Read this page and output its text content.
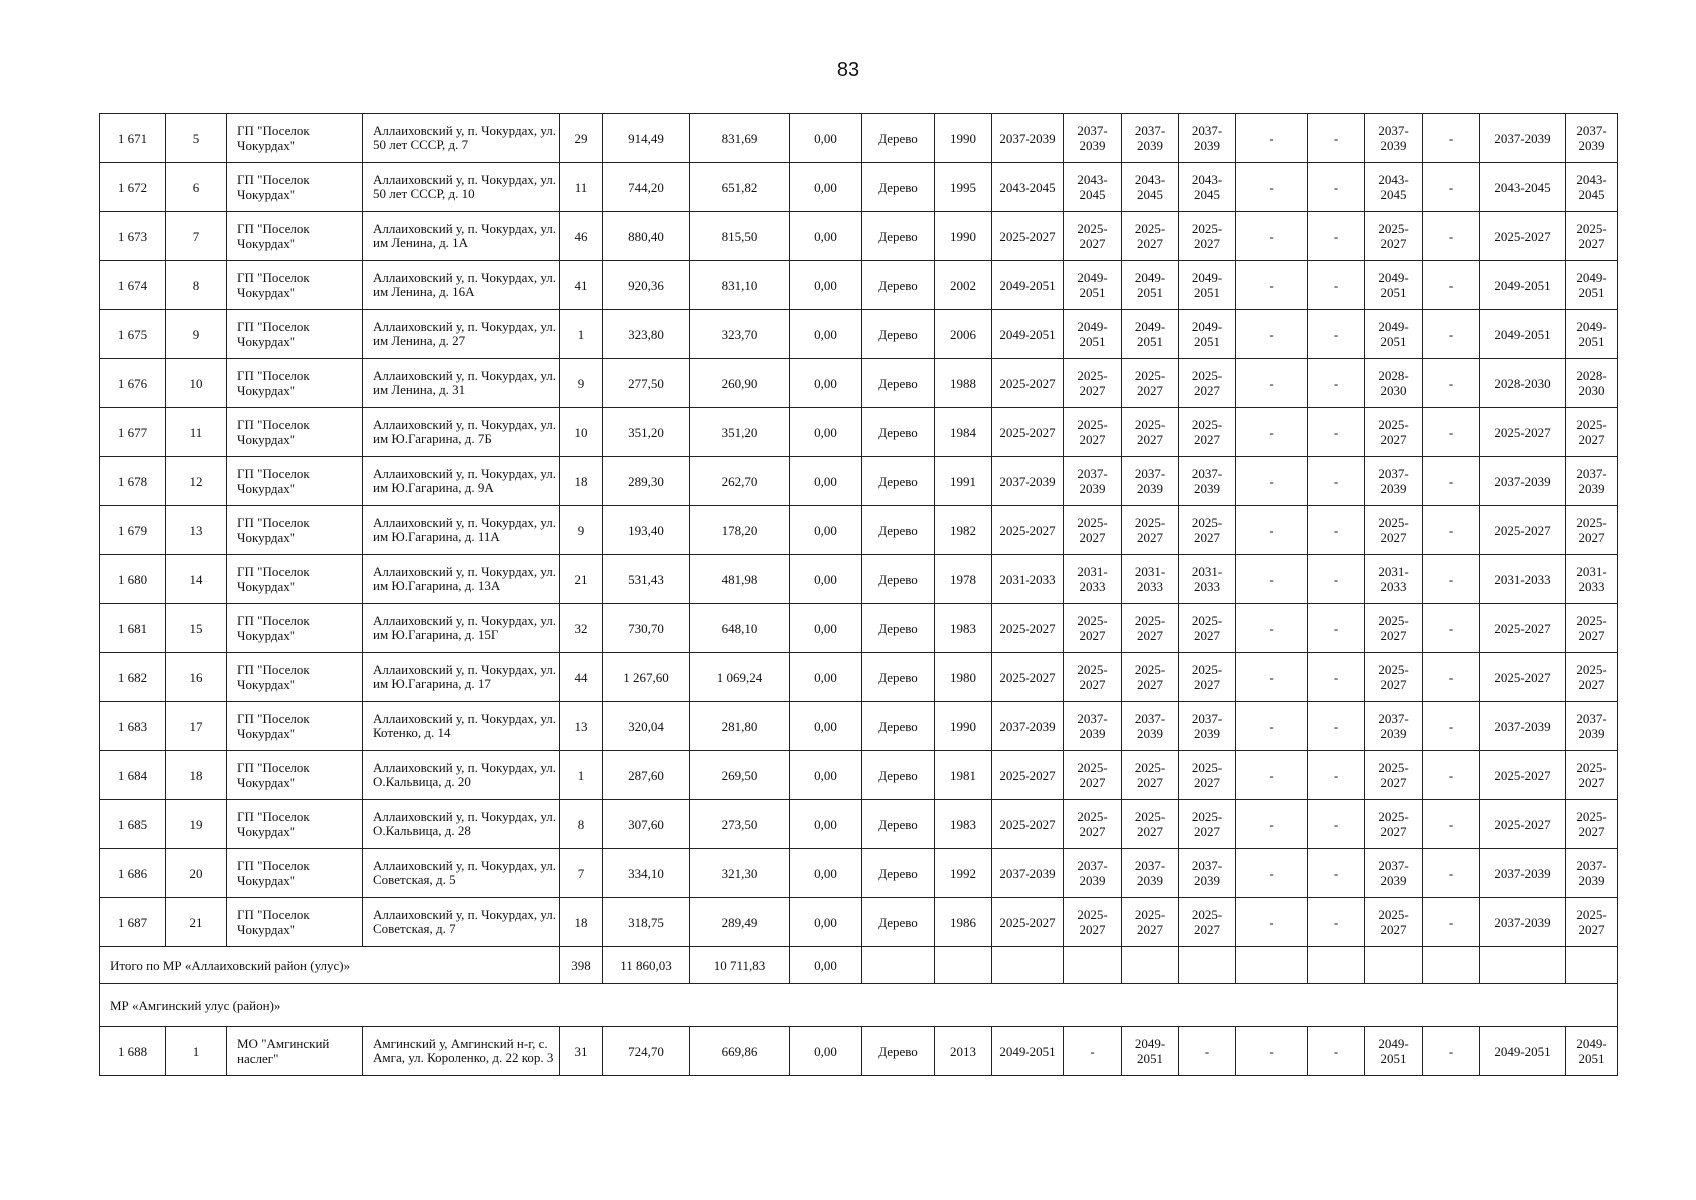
83
1 671	5	ГП "Поселок Чокурдах"	Аллаиховский у, п. Чокурдах, ул. 50 лет СССР, д. 7	29	914,49	831,69	0,00	Дерево	1990	2037-2039	2037-2039	2037-2039	2037-2039	-	-	2037-2039	-	2037-2039	2037-2039
1 672	6	ГП "Поселок Чокурдах"	Аллаиховский у, п. Чокурдах, ул. 50 лет СССР, д. 10	11	744,20	651,82	0,00	Дерево	1995	2043-2045	2043-2045	2043-2045	2043-2045	-	-	2043-2045	-	2043-2045	2043-2045
1 673	7	ГП "Поселок Чокурдах"	Аллаиховский у, п. Чокурдах, ул. им Ленина, д. 1А	46	880,40	815,50	0,00	Дерево	1990	2025-2027	2025-2027	2025-2027	2025-2027	-	-	2025-2027	-	2025-2027	2025-2027
1 674	8	ГП "Поселок Чокурдах"	Аллаиховский у, п. Чокурдах, ул. им Ленина, д. 16А	41	920,36	831,10	0,00	Дерево	2002	2049-2051	2049-2051	2049-2051	2049-2051	-	-	2049-2051	-	2049-2051	2049-2051
1 675	9	ГП "Поселок Чокурдах"	Аллаиховский у, п. Чокурдах, ул. им Ленина, д. 27	1	323,80	323,70	0,00	Дерево	2006	2049-2051	2049-2051	2049-2051	2049-2051	-	-	2049-2051	-	2049-2051	2049-2051
1 676	10	ГП "Поселок Чокурдах"	Аллаиховский у, п. Чокурдах, ул. им Ленина, д. 31	9	277,50	260,90	0,00	Дерево	1988	2025-2027	2025-2027	2025-2027	2025-2027	-	-	2028-2030	-	2028-2030	2028-2030
1 677	11	ГП "Поселок Чокурдах"	Аллаиховский у, п. Чокурдах, ул. им Ю.Гагарина, д. 7Б	10	351,20	351,20	0,00	Дерево	1984	2025-2027	2025-2027	2025-2027	2025-2027	-	-	2025-2027	-	2025-2027	2025-2027
1 678	12	ГП "Поселок Чокурдах"	Аллаиховский у, п. Чокурдах, ул. им Ю.Гагарина, д. 9А	18	289,30	262,70	0,00	Дерево	1991	2037-2039	2037-2039	2037-2039	2037-2039	-	-	2037-2039	-	2037-2039	2037-2039
1 679	13	ГП "Поселок Чокурдах"	Аллаиховский у, п. Чокурдах, ул. им Ю.Гагарина, д. 11А	9	193,40	178,20	0,00	Дерево	1982	2025-2027	2025-2027	2025-2027	2025-2027	-	-	2025-2027	-	2025-2027	2025-2027
1 680	14	ГП "Поселок Чокурдах"	Аллаиховский у, п. Чокурдах, ул. им Ю.Гагарина, д. 13А	21	531,43	481,98	0,00	Дерево	1978	2031-2033	2031-2033	2031-2033	2031-2033	-	-	2031-2033	-	2031-2033	2031-2033
1 681	15	ГП "Поселок Чокурдах"	Аллаиховский у, п. Чокурдах, ул. им Ю.Гагарина, д. 15Г	32	730,70	648,10	0,00	Дерево	1983	2025-2027	2025-2027	2025-2027	2025-2027	-	-	2025-2027	-	2025-2027	2025-2027
1 682	16	ГП "Поселок Чокурдах"	Аллаиховский у, п. Чокурдах, ул. им Ю.Гагарина, д. 17	44	1 267,60	1 069,24	0,00	Дерево	1980	2025-2027	2025-2027	2025-2027	2025-2027	-	-	2025-2027	-	2025-2027	2025-2027
1 683	17	ГП "Поселок Чокурдах"	Аллаиховский у, п. Чокурдах, ул. Котенко, д. 14	13	320,04	281,80	0,00	Дерево	1990	2037-2039	2037-2039	2037-2039	2037-2039	-	-	2037-2039	-	2037-2039	2037-2039
1 684	18	ГП "Поселок Чокурдах"	Аллаиховский у, п. Чокурдах, ул. О.Кальвица, д. 20	1	287,60	269,50	0,00	Дерево	1981	2025-2027	2025-2027	2025-2027	2025-2027	-	-	2025-2027	-	2025-2027	2025-2027
1 685	19	ГП "Поселок Чокурдах"	Аллаиховский у, п. Чокурдах, ул. О.Кальвица, д. 28	8	307,60	273,50	0,00	Дерево	1983	2025-2027	2025-2027	2025-2027	2025-2027	-	-	2025-2027	-	2025-2027	2025-2027
1 686	20	ГП "Поселок Чокурдах"	Аллаиховский у, п. Чокурдах, ул. Советская, д. 5	7	334,10	321,30	0,00	Дерево	1992	2037-2039	2037-2039	2037-2039	2037-2039	-	-	2037-2039	-	2037-2039	2037-2039
1 687	21	ГП "Поселок Чокурдах"	Аллаиховский у, п. Чокурдах, ул. Советская, д. 7	18	318,75	289,49	0,00	Дерево	1986	2025-2027	2025-2027	2025-2027	2025-2027	-	-	2025-2027	-	2037-2039	2025-2027
Итого по МР «Аллаиховский район (улус)»				398	11 860,03	10 711,83	0,00												
МР «Амгинский улус (район)»																			
1 688	1	МО "Амгинский наслег"	Амгинский у, Амгинский н-г, с. Амга, ул. Короленко, д. 22 кор. 3	31	724,70	669,86	0,00	Дерево	2013	2049-2051	-	2049-2051	-	-	-	2049-2051	-	2049-2051	2049-2051
